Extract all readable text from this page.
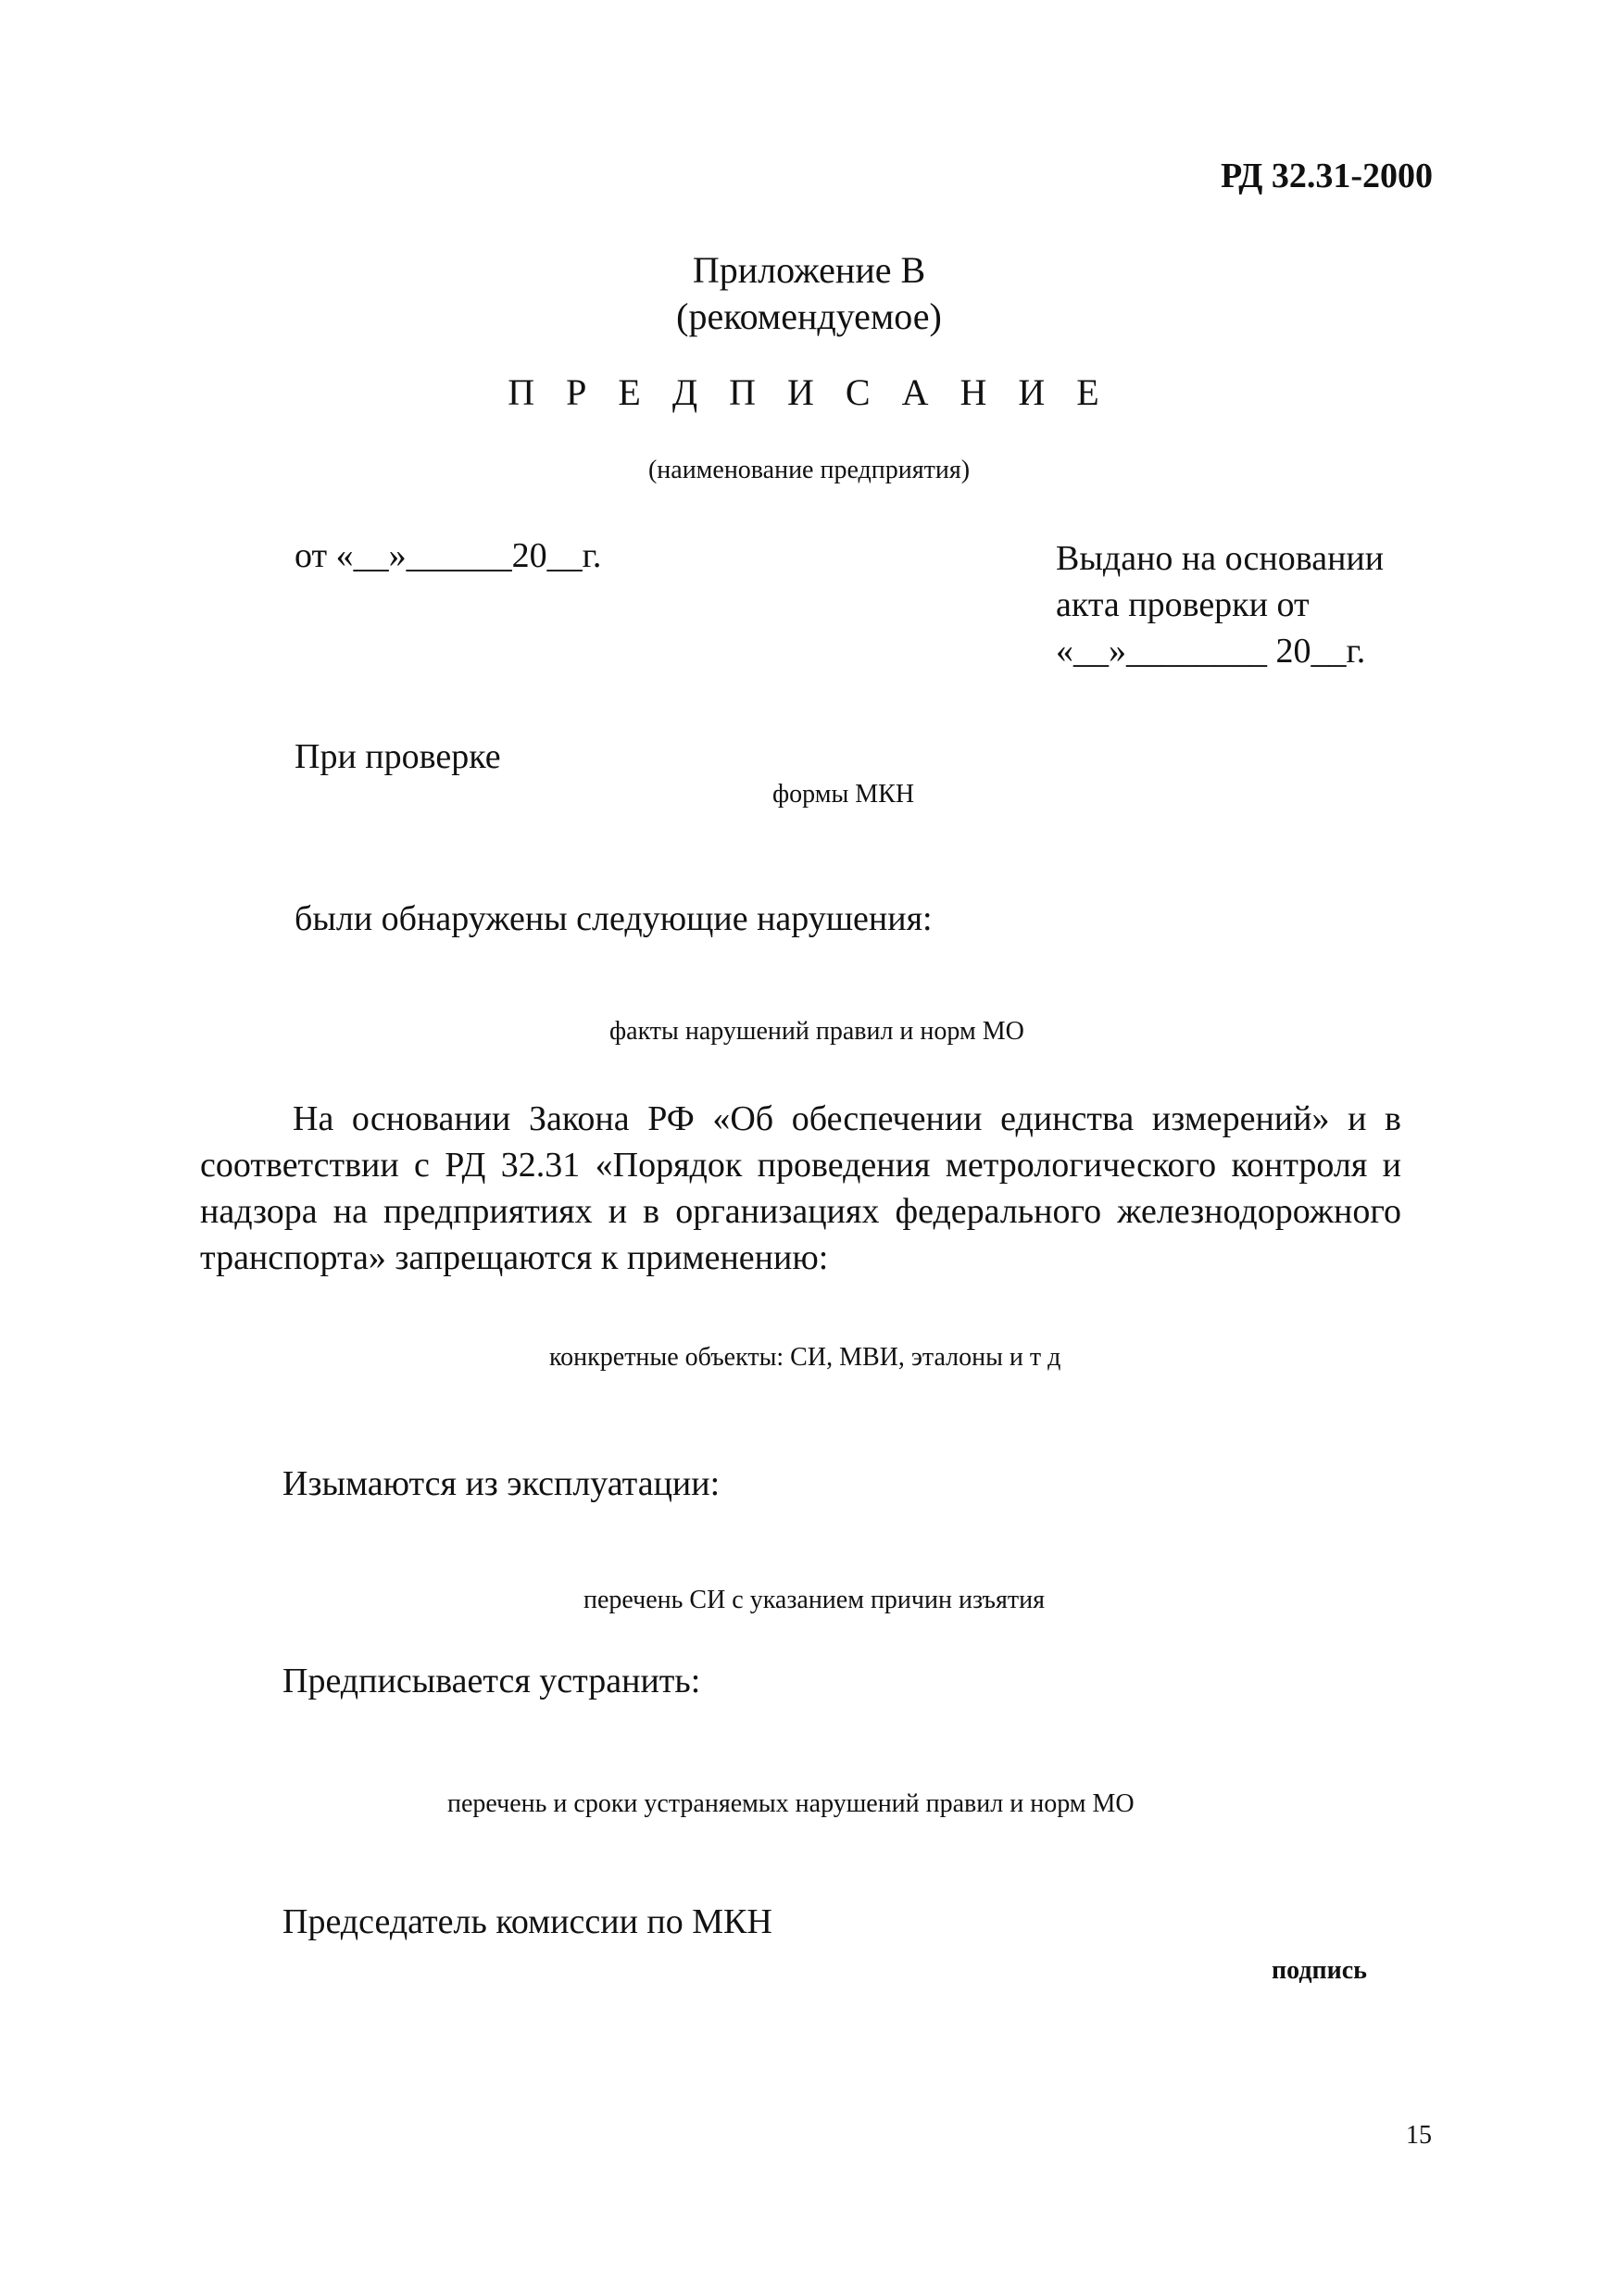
РД 32.31-2000
Приложение В
(рекомендуемое)
П Р Е Д П И С А Н И Е
(наименование предприятия)
от «__»______20__г.	Выдано на основании
акта проверки от
«__»________ 20__г.
При проверке
формы МКН
были обнаружены следующие нарушения:
факты нарушений правил и норм МО
На основании Закона РФ «Об обеспечении единства измерений» и в соответствии с РД 32.31 «Порядок проведения метрологического контроля и надзора на предприятиях и в организациях федерального железнодорожного транспорта» запрещаются к применению:
конкретные объекты: СИ, МВИ, эталоны и т д
Изымаются из эксплуатации:
перечень СИ с указанием причин изъятия
Предписывается устранить:
перечень и сроки устраняемых нарушений правил и норм МО
Председатель комиссии по МКН
подпись
15
